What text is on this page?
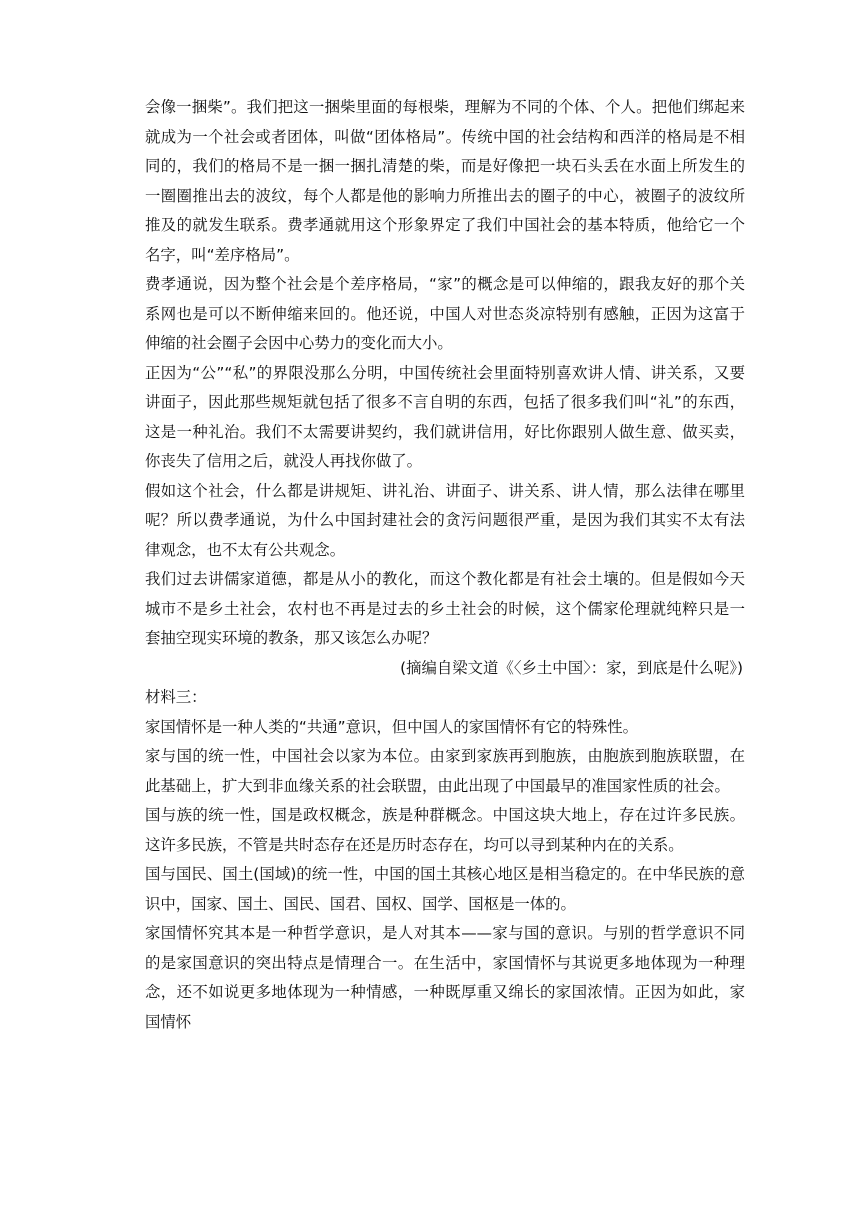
会像一捆柴”。我们把这一捆柴里面的每根柴，理解为不同的个体、个人。把他们绑起来就成为一个社会或者团体，叫做“团体格局”。传统中国的社会结构和西洋的格局是不相同的，我们的格局不是一捆一捆扎清楚的柴，而是好像把一块石头丢在水面上所发生的一圈圈推出去的波纹，每个人都是他的影响力所推出去的圈子的中心，被圈子的波纹所推及的就发生联系。费孝通就用这个形象界定了我们中国社会的基本特质，他给它一个名字，叫“差序格局”。

费孝通说，因为整个社会是个差序格局，“家”的概念是可以伸缩的，跟我友好的那个关系网也是可以不断伸缩来回的。他还说，中国人对世态炎凉特别有感触，正因为这富于伸缩的社会圈子会因中心势力的变化而大小。

正因为“公”“私”的界限没那么分明，中国传统社会里面特别喜欢讲人情、讲关系，又要讲面子，因此那些规矩就包括了很多不言自明的东西，包括了很多我们叫“礼”的东西，这是一种礼治。我们不太需要讲契约，我们就讲信用，好比你跟别人做生意、做买卖，你丧失了信用之后，就没人再找你做了。

假如这个社会，什么都是讲规矩、讲礼治、讲面子、讲关系、讲人情，那么法律在哪里呢？所以费孝通说，为什么中国封建社会的贪污问题很严重，是因为我们其实不太有法律观念，也不太有公共观念。

我们过去讲儒家道德，都是从小的教化，而这个教化都是有社会土壤的。但是假如今天城市不是乡土社会，农村也不再是过去的乡土社会的时候，这个儒家伦理就纯粹只是一套抽空现实环境的教条，那又该怎么办呢？

(摘编自梁文道《〈乡土中国〉：家，到底是什么呢》)

材料三：

家国情怀是一种人类的“共通”意识，但中国人的家国情怀有它的特殊性。

家与国的统一性，中国社会以家为本位。由家到家族再到胞族，由胞族到胞族联盟，在此基础上，扩大到非血缘关系的社会联盟，由此出现了中国最早的准国家性质的社会。

国与族的统一性，国是政权概念，族是种群概念。中国这块大地上，存在过许多民族。这许多民族，不管是共时态存在还是历时态存在，均可以寻到某种内在的关系。

国与国民、国土(国域)的统一性，中国的国土其核心地区是相当稳定的。在中华民族的意识中，国家、国土、国民、国君、国权、国学、国枢是一体的。

家国情怀究其本是一种哲学意识，是人对其本——家与国的意识。与别的哲学意识不同的是家国意识的突出特点是情理合一。在生活中，家国情怀与其说更多地体现为一种理念，还不如说更多地体现为一种情感，一种既厚重又绵长的家国浓情。正因为如此，家国情怀
